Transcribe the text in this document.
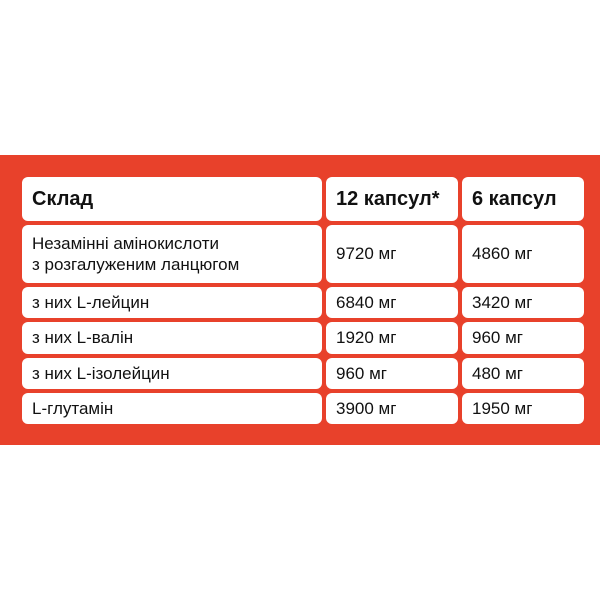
Склад	12 капсул*	6 капсул

Незамінні амінокислоти
з розгалуженим ланцюгом	9720 мг	4860 мг
з них L-лейцин	6840 мг	3420 мг
з них L-валін	1920 мг	960 мг
з них L-ізолейцин	960 мг	480 мг
L-глутамін	3900 мг	1950 мг
